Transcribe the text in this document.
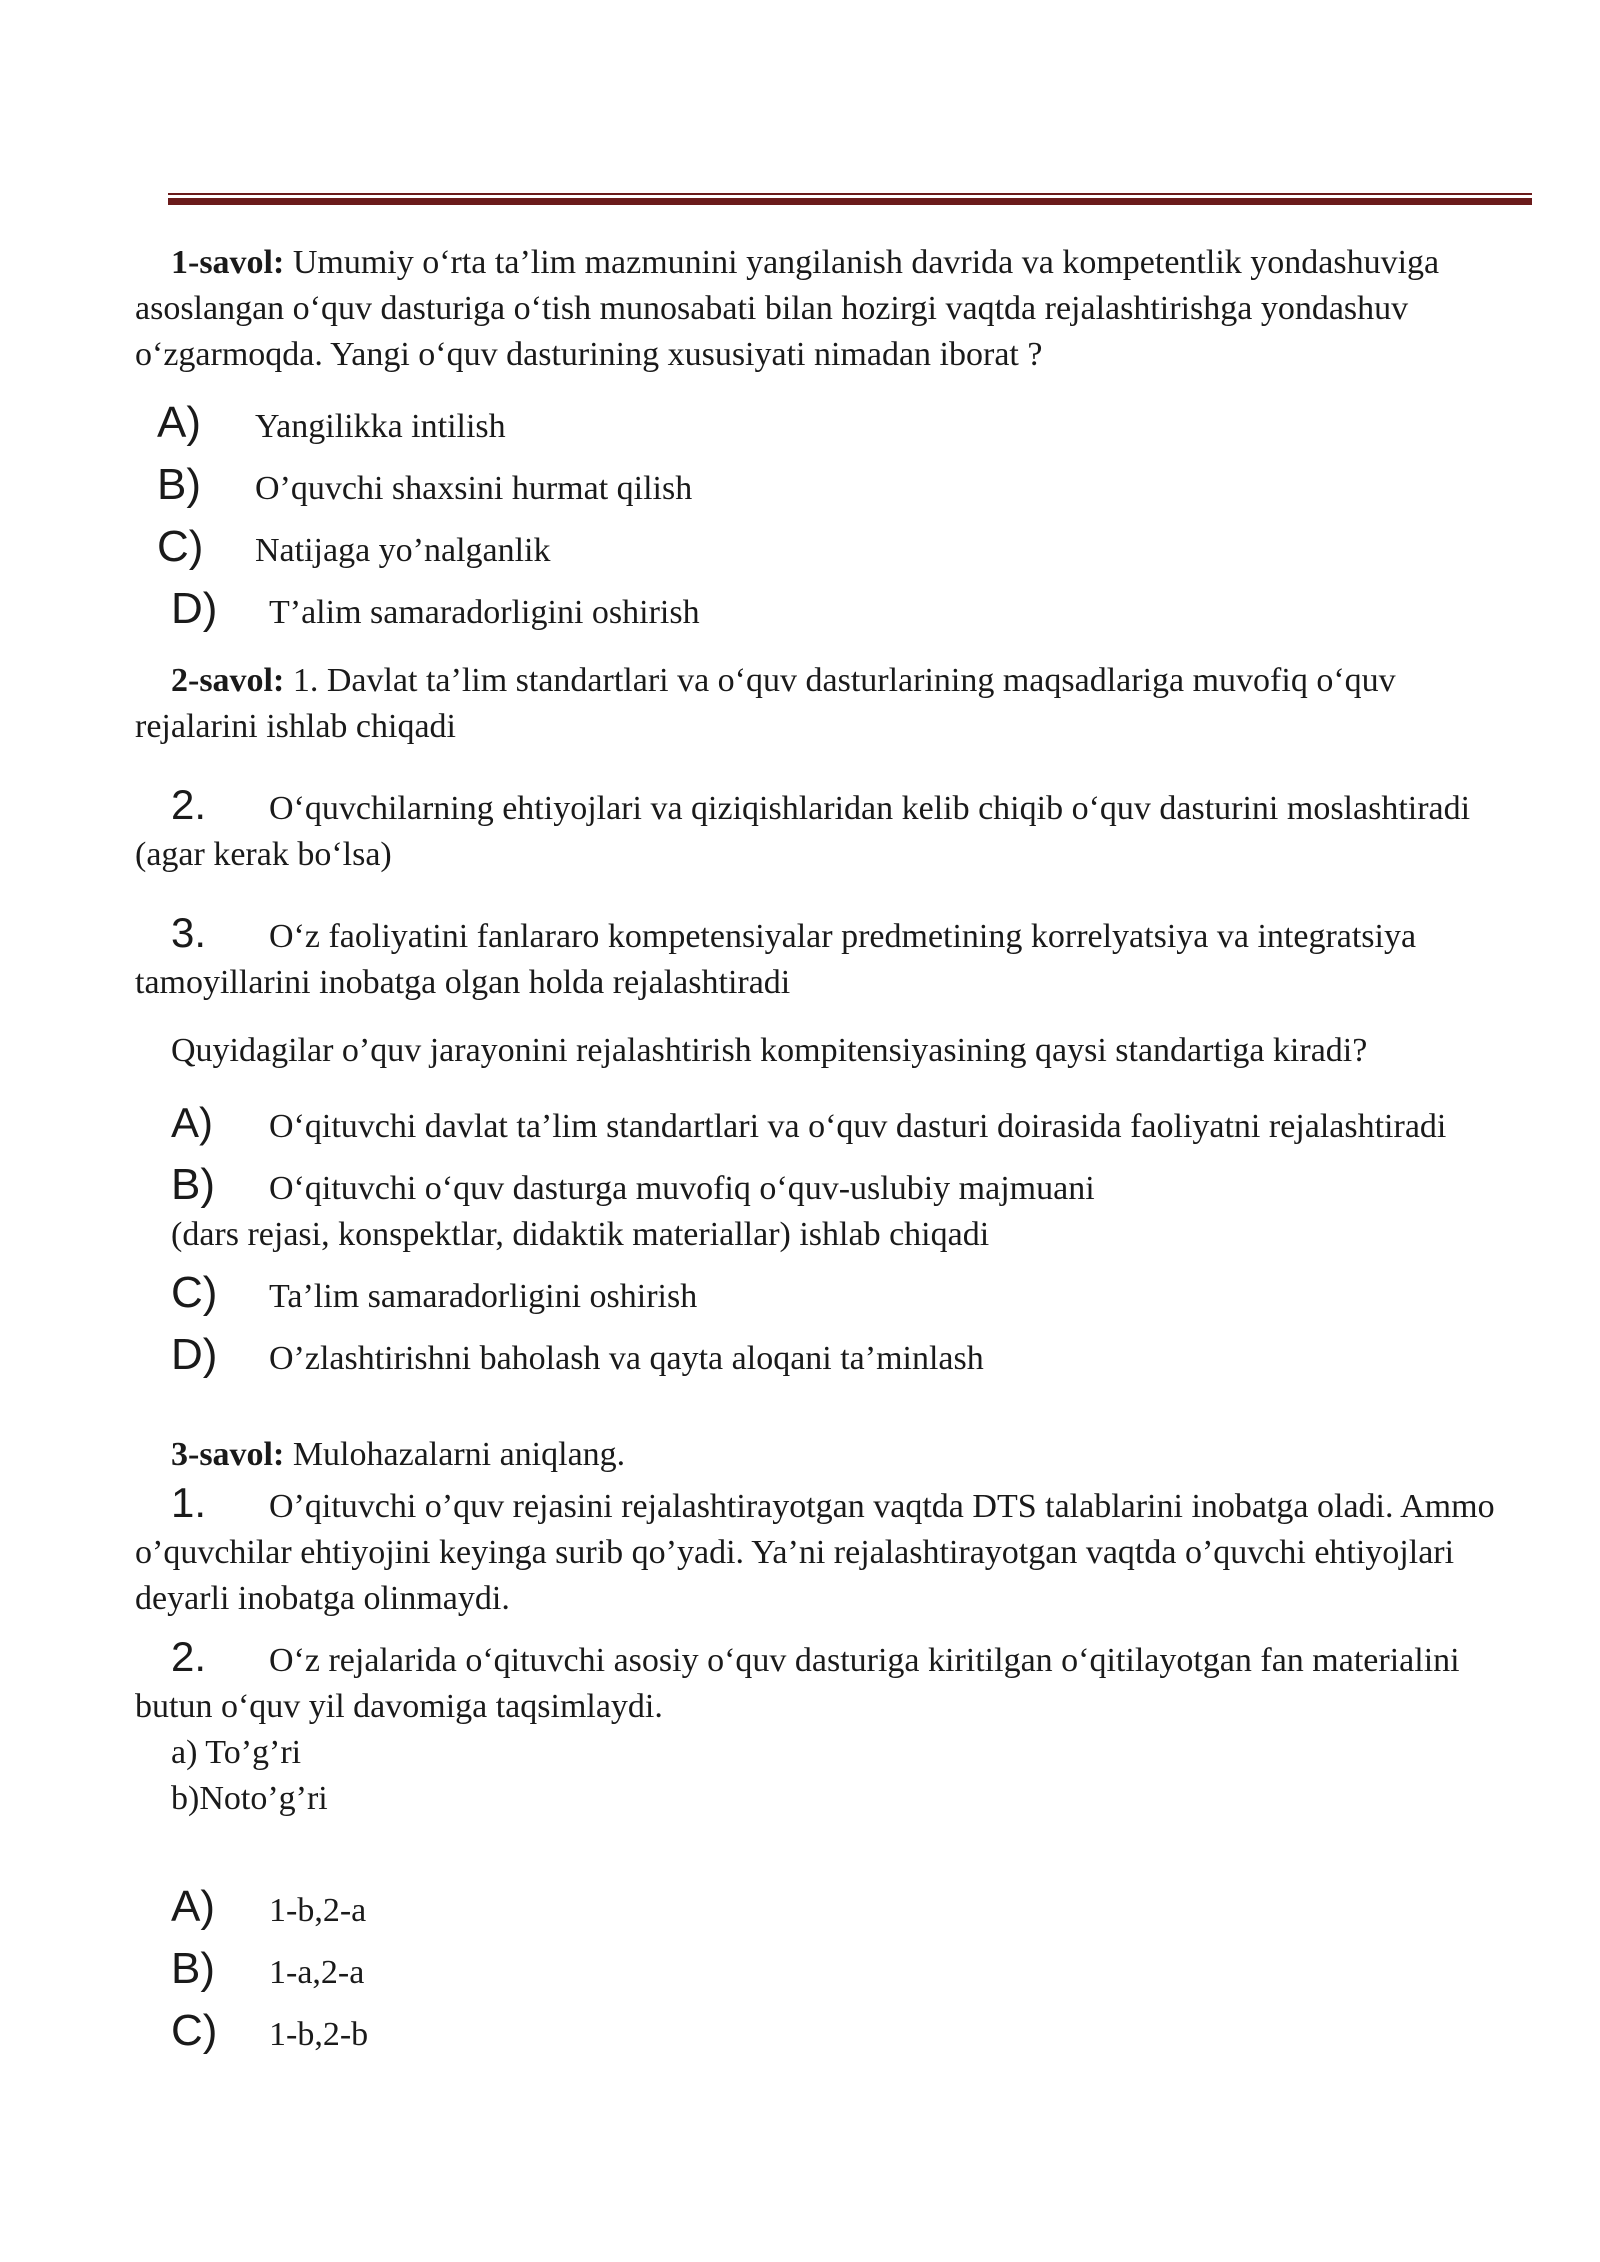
1-savol: Umumiy o‘rta ta’lim mazmunini yangilanish davrida va kompetentlik yondashuviga asoslangan o‘quv dasturiga o‘tish munosabati bilan hozirgi vaqtda rejalashtirishga yondashuv o‘zgarmoqda. Yangi o‘quv dasturining xususiyati nimadan iborat ?

A)	Yangilikka intilish
B)	O’quvchi shaxsini hurmat qilish
C)	Natijaga yo’nalganlik
D)	T’alim samaradorligini oshirish

2-savol: 1. Davlat ta’lim standartlari va o‘quv dasturlarining maqsadlariga muvofiq o‘quv rejalarini ishlab chiqadi

2. O‘quvchilarning ehtiyojlari va qiziqishlaridan kelib chiqib o‘quv dasturini moslashtiradi (agar kerak bo‘lsa)

3. O‘z faoliyatini fanlararo kompetensiyalar predmetining korrelyatsiya va integratsiya tamoyillarini inobatga olgan holda rejalashtiradi

Quyidagilar o’quv jarayonini rejalashtirish kompitensiyasining qaysi standartiga kiradi?

A) O‘qituvchi davlat ta’lim standartlari va o‘quv dasturi doirasida faoliyatni rejalashtiradi

B)	O‘qituvchi o‘quv dasturga muvofiq o‘quv-uslubiy majmuani

(dars rejasi, konspektlar, didaktik materiallar) ishlab chiqadi

C)	Ta’lim samaradorligini oshirish
D)	O’zlashtirishni baholash va qayta aloqani ta’minlash

3-savol: Mulohazalarni aniqlang.

1. O’qituvchi o’quv rejasini rejalashtirayotgan vaqtda DTS talablarini inobatga oladi. Ammo o’quvchilar ehtiyojini keyinga surib qo’yadi. Ya’ni rejalashtirayotgan vaqtda o’quvchi ehtiyojlari deyarli inobatga olinmaydi.

2. O‘z rejalarida o‘qituvchi asosiy o‘quv dasturiga kiritilgan o‘qitilayotgan fan materialini butun o‘quv yil davomiga taqsimlaydi.

a) To’g’ri

b)Noto’g’ri

A)	1-b,2-a
B)	1-a,2-a
C)	1-b,2-b
